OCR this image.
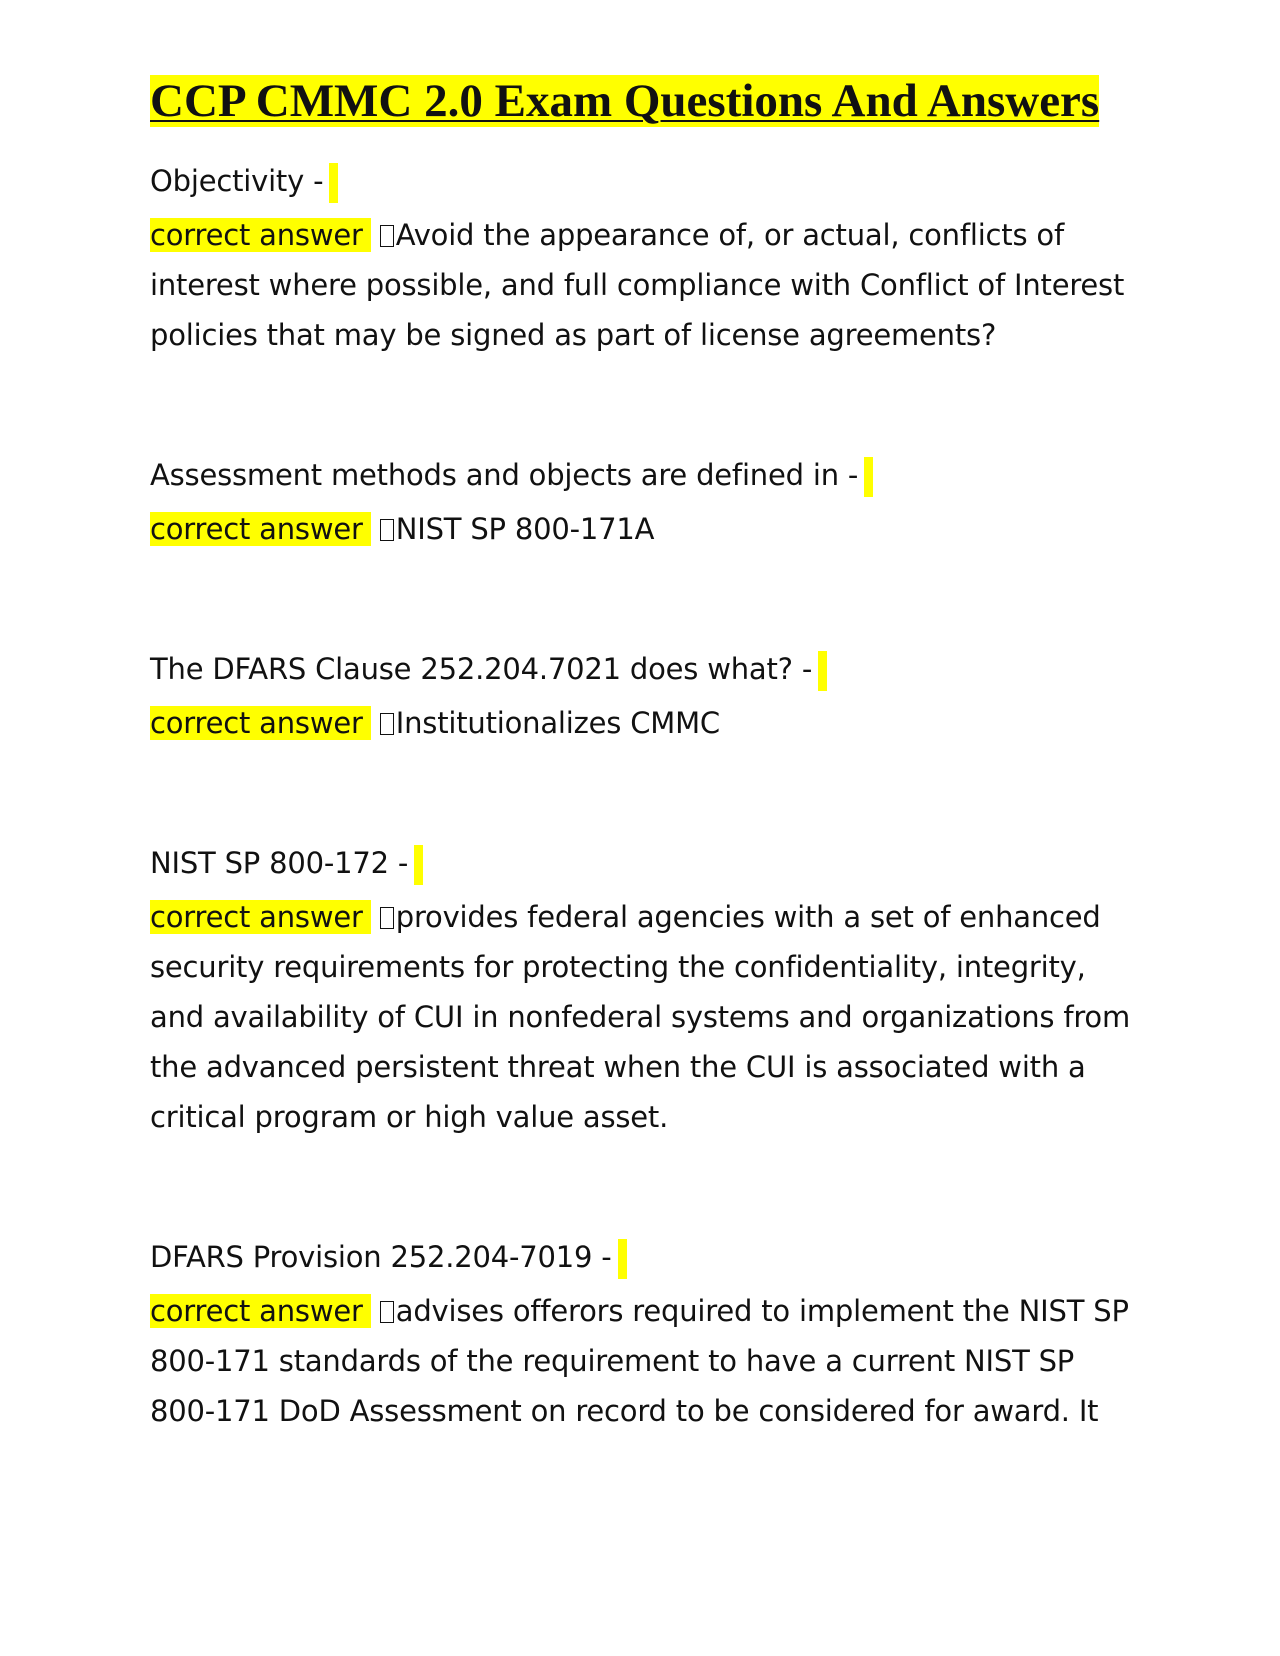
CCP CMMC 2.0 Exam Questions And Answers
Objectivity -
correct answer Avoid the appearance of, or actual, conflicts of interest where possible, and full compliance with Conflict of Interest policies that may be signed as part of license agreements?
Assessment methods and objects are defined in -
correct answer NIST SP 800-171A
The DFARS Clause 252.204.7021 does what? -
correct answer Institutionalizes CMMC
NIST SP 800-172 -
correct answer provides federal agencies with a set of enhanced security requirements for protecting the confidentiality, integrity, and availability of CUI in nonfederal systems and organizations from the advanced persistent threat when the CUI is associated with a critical program or high value asset.
DFARS Provision 252.204-7019 -
correct answer advises offerors required to implement the NIST SP 800-171 standards of the requirement to have a current NIST SP 800-171 DoD Assessment on record to be considered for award. It
